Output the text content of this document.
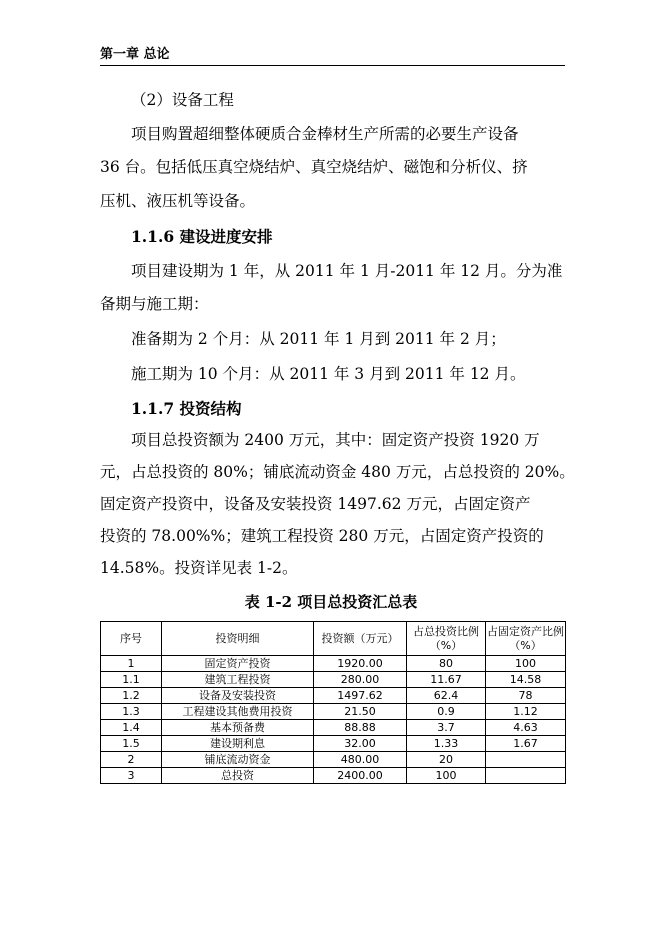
第一章 总论
（2）设备工程
项目购置超细整体硬质合金棒材生产所需的必要生产设备
36 台。包括低压真空烧结炉、真空烧结炉、磁饱和分析仪、挤
压机、液压机等设备。
1.1.6 建设进度安排
项目建设期为 1 年，从 2011 年 1 月-2011 年 12 月。分为准
备期与施工期：
准备期为 2 个月：从 2011 年 1 月到 2011 年 2 月；
施工期为 10 个月：从 2011 年 3 月到 2011 年 12 月。
1.1.7 投资结构
项目总投资额为 2400 万元，其中：固定资产投资 1920 万
元，占总投资的 80%；铺底流动资金 480 万元，占总投资的 20%。
固定资产投资中，设备及安装投资 1497.62 万元，占固定资产
投资的 78.00%%；建筑工程投资 280 万元，占固定资产投资的
14.58%。投资详见表 1-2。
表 1-2 项目总投资汇总表
序号	投资明细	投资额（万元）	占总投资比例（%）	占固定资产比例（%）
1	固定资产投资	1920.00	80	100
1.1	建筑工程投资	280.00	11.67	14.58
1.2	设备及安装投资	1497.62	62.4	78
1.3	工程建设其他费用投资	21.50	0.9	1.12
1.4	基本预备费	88.88	3.7	4.63
1.5	建设期利息	32.00	1.33	1.67
2	铺底流动资金	480.00	20	
3	总投资	2400.00	100	
